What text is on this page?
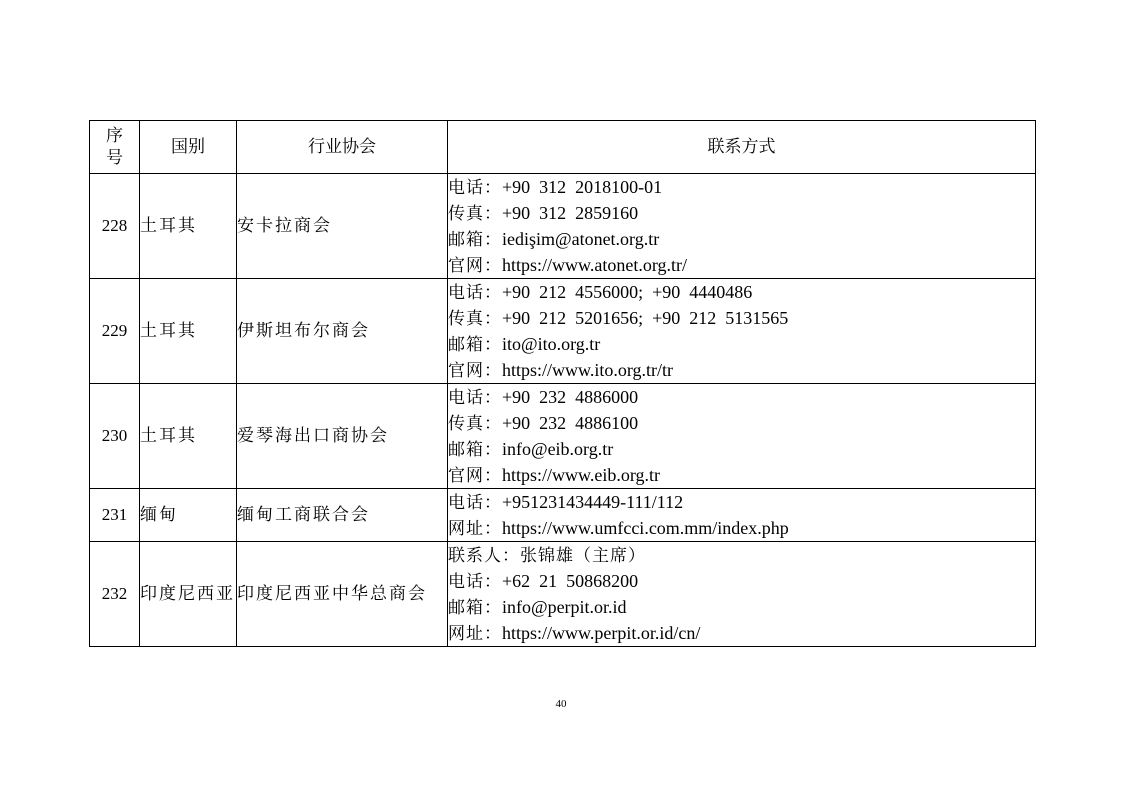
序
号	国别	行业协会	联系方式
228	土耳其	安卡拉商会	电话：+90  312  2018100-01
传真：+90  312  2859160
邮箱：iedişim@atonet.org.tr
官网：https://www.atonet.org.tr/

229	土耳其	伊斯坦布尔商会	电话：+90  212  4556000;  +90  4440486
传真：+90  212  5201656;  +90  212  5131565
邮箱：ito@ito.org.tr
官网：https://www.ito.org.tr/tr

230	土耳其	爱琴海出口商协会	电话：+90  232  4886000
传真：+90  232  4886100
邮箱：info@eib.org.tr
官网：https://www.eib.org.tr

231	缅甸	缅甸工商联合会	电话：+951231434449-111/112
网址：https://www.umfcci.com.mm/index.php

232	印度尼西亚	印度尼西亚中华总商会	联系人：张锦雄（主席）
电话：+62  21  50868200
邮箱：info@perpit.or.id
网址：https://www.perpit.or.id/cn/
40
